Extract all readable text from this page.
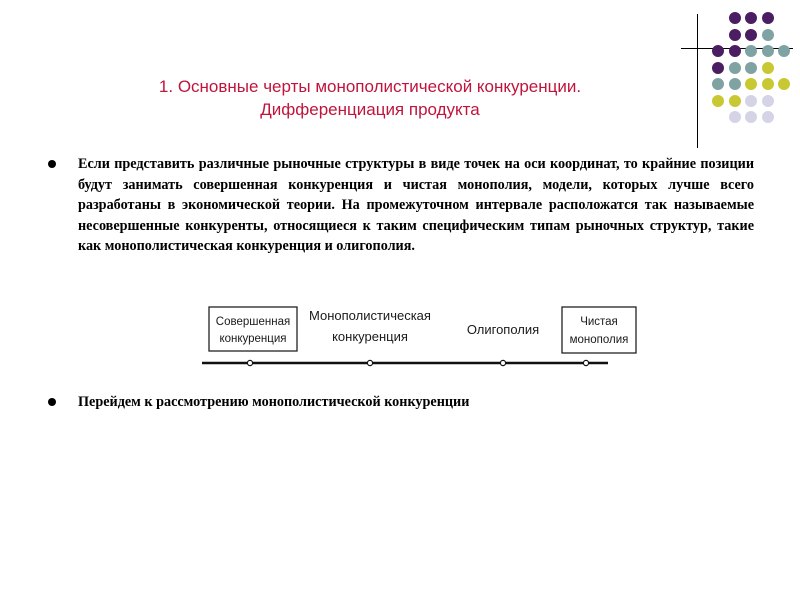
1. Основные черты монополистической конкуренции.
Дифференциация продукта
Если представить различные рыночные структуры в виде точек на оси координат, то крайние позиции будут занимать совершенная конкуренция и чистая монополия, модели, которых лучше всего разработаны в экономической теории. На промежуточном интервале расположатся так называемые несовершенные конкуренты, относящиеся к таким специфическим типам рыночных структур, такие как монополистическая конкуренция и олигополия.
Совершенная
конкуренция
Монополистическая
конкуренция	Олигополия	Чистая
монополия
Перейдем к рассмотрению монополистической конкуренции
